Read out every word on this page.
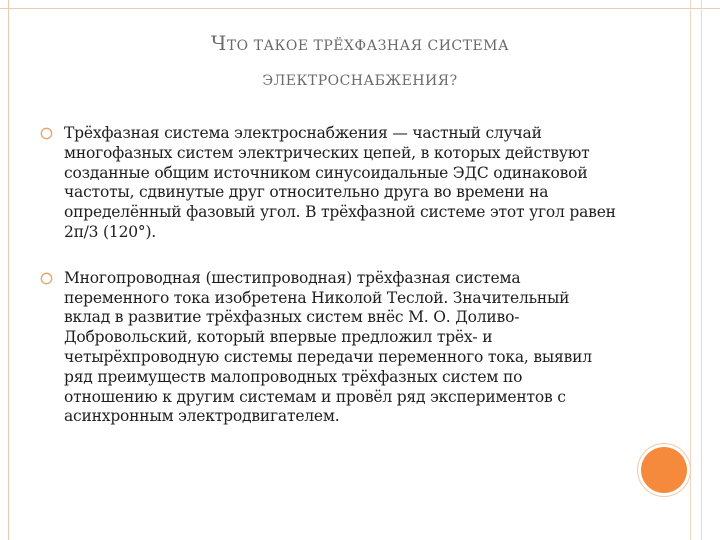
ЧТО ТАКОЕ ТРЁХФАЗНАЯ СИСТЕМА
ЭЛЕКТРОСНАБЖЕНИЯ?
Трёхфазная система электроснабжения — частный случай многофазных систем электрических цепей, в которых действуют созданные общим источником синусоидальные ЭДС одинаковой частоты, сдвинутые друг относительно друга во времени на определённый фазовый угол. В трёхфазной системе этот угол равен 2π/3 (120°).
Многопроводная (шестипроводная) трёхфазная система переменного тока изобретена Николой Теслой. Значительный вклад в развитие трёхфазных систем внёс М. О. Доливо-Добровольский, который впервые предложил трёх- и четырёхпроводную системы передачи переменного тока, выявил ряд преимуществ малопроводных трёхфазных систем по отношению к другим системам и провёл ряд экспериментов с асинхронным электродвигателем.
